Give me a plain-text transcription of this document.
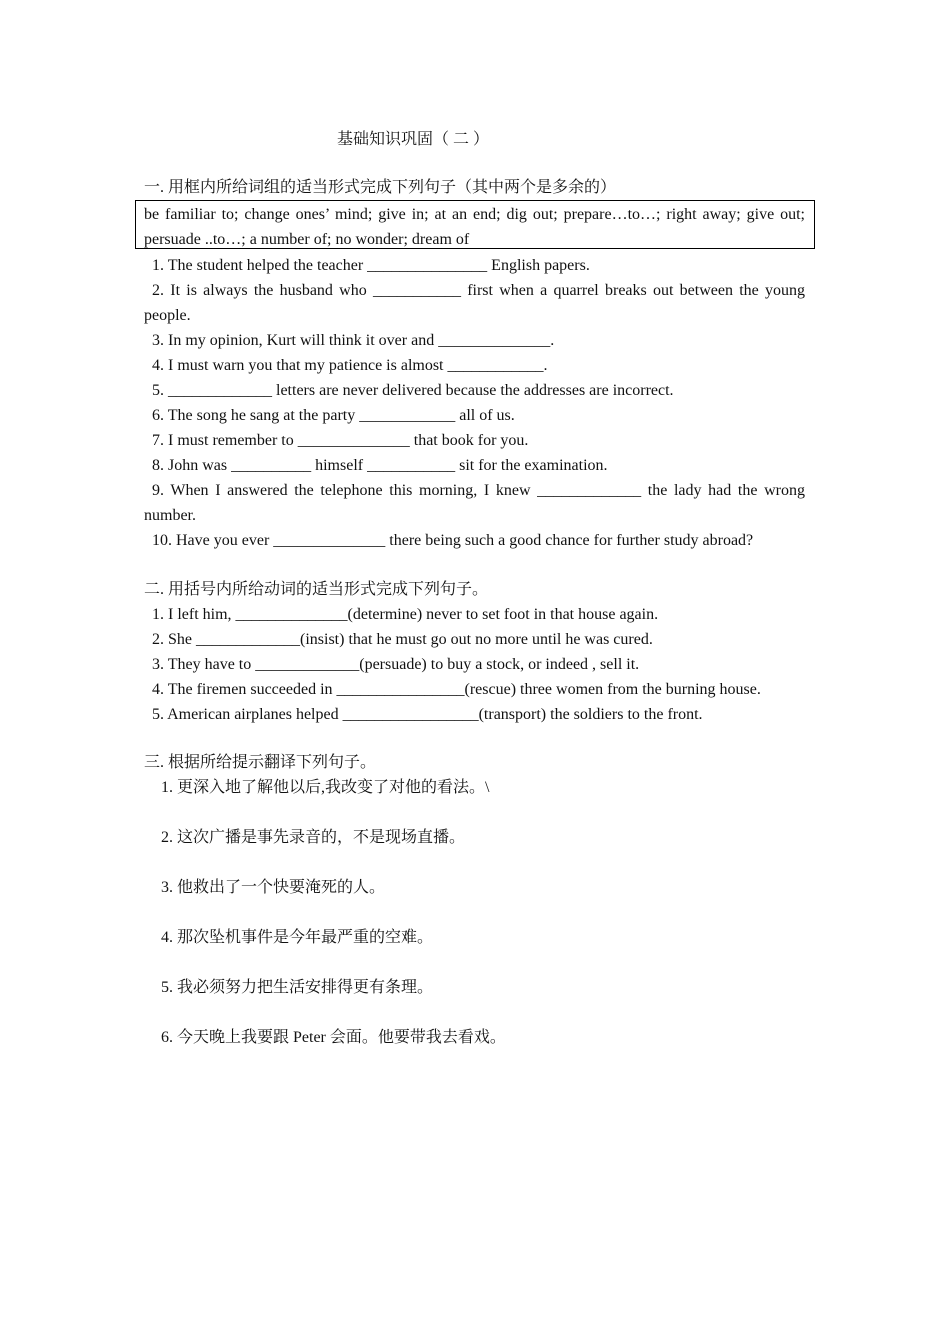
基础知识巩固（ 二 ）
一. 用框内所给词组的适当形式完成下列句子（其中两个是多余的）
be familiar to; change ones’ mind; give in; at an end; dig out; prepare…to…; right away; give out;
persuade ..to…; a number of; no wonder; dream of
1. The student helped the teacher _______________ English papers.
2. It is always the husband who ___________ first when a quarrel breaks out between the young
people.
3. In my opinion, Kurt will think it over and ______________.
4. I must warn you that my patience is almost ____________.
5. _____________ letters are never delivered because the addresses are incorrect.
6. The song he sang at the party ____________ all of us.
7. I must remember to ______________ that book for you.
8. John was __________ himself ___________ sit for the examination.
9. When I answered the telephone this morning, I knew _____________ the lady had the wrong
number.
10. Have you ever ______________ there being such a good chance for further study abroad?
二. 用括号内所给动词的适当形式完成下列句子。
1. I left him, ______________(determine) never to set foot in that house again.
2. She _____________(insist) that he must go out no more until he was cured.
3. They have to _____________(persuade) to buy a stock, or indeed , sell it.
4. The firemen succeeded in ________________(rescue) three women from the burning house.
5. American airplanes helped _________________(transport) the soldiers to the front.
三. 根据所给提示翻译下列句子。
1. 更深入地了解他以后,我改变了对他的看法。\
2. 这次广播是事先录音的，不是现场直播。
3. 他救出了一个快要淹死的人。
4. 那次坠机事件是今年最严重的空难。
5. 我必须努力把生活安排得更有条理。
6. 今天晚上我要跟 Peter 会面。他要带我去看戏。
